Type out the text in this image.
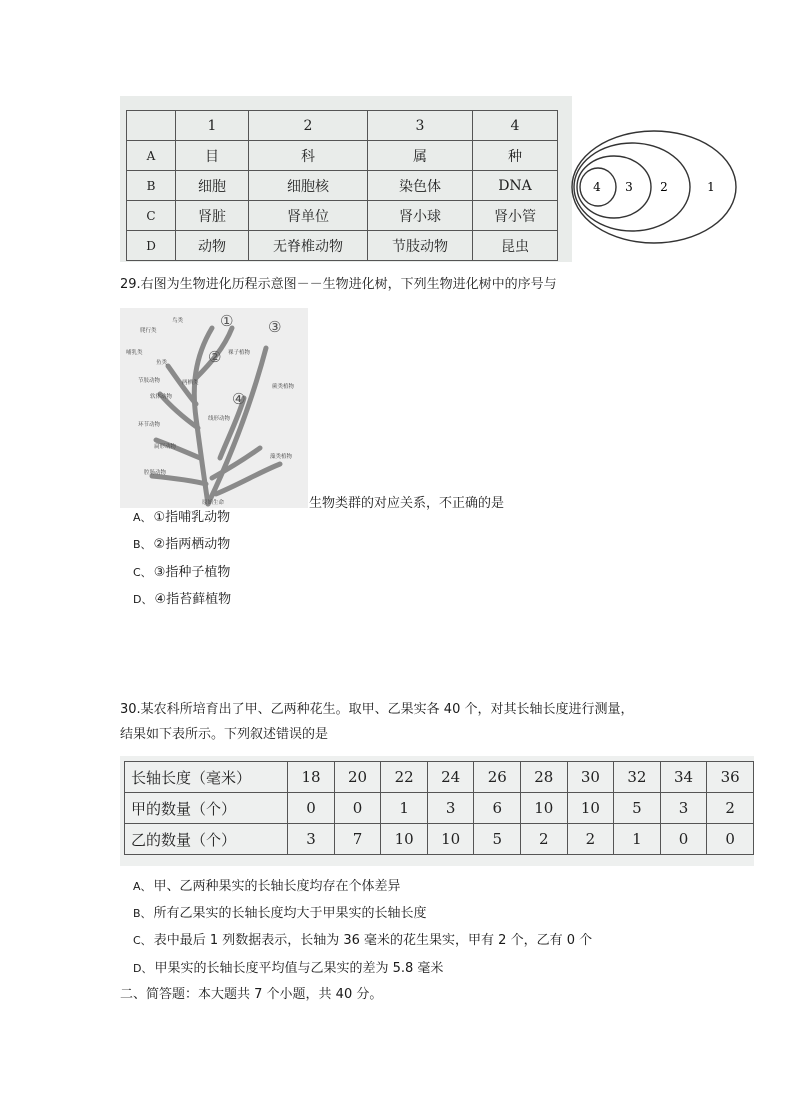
	1	2	3	4
A	目	科	属	种
B	细胞	细胞核	染色体	DNA
C	肾脏	肾单位	肾小球	肾小管
D	动物	无脊椎动物	节肢动物	昆虫
4 3 2	1
29.右图为生物进化历程示意图－－生物进化树，下列生物进化树中的序号与
鸟类
爬行类
鱼类
节肢动物
软体动物
环节动物
扁形动物
腔肠动物
哺乳类
两栖类
线形动物
裸子植物
蕨类植物
藻类植物
原始生命
①
②
③
④
生物类群的对应关系，不正确的是
A、 ①指哺乳动物
B、 ②指两栖动物
C、 ③指种子植物
D、 ④指苔藓植物
30.某农科所培育出了甲、乙两种花生。取甲、乙果实各 40 个，对其长轴长度进行测量，
结果如下表所示。下列叙述错误的是
长轴长度（毫米）	18	20	22	24	26	28	30	32	34	36
甲的数量（个）	0	0	1	3	6	10	10	5	3	2
乙的数量（个）	3	7	10	10	5	2	2	1	0	0
A、 甲、乙两种果实的长轴长度均存在个体差异
B、 所有乙果实的长轴长度均大于甲果实的长轴长度
C、 表中最后 1 列数据表示，长轴为 36 毫米的花生果实，甲有 2 个，乙有 0 个
D、 甲果实的长轴长度平均值与乙果实的差为 5.8 毫米
二、简答题：本大题共 7 个小题，共 40 分。
